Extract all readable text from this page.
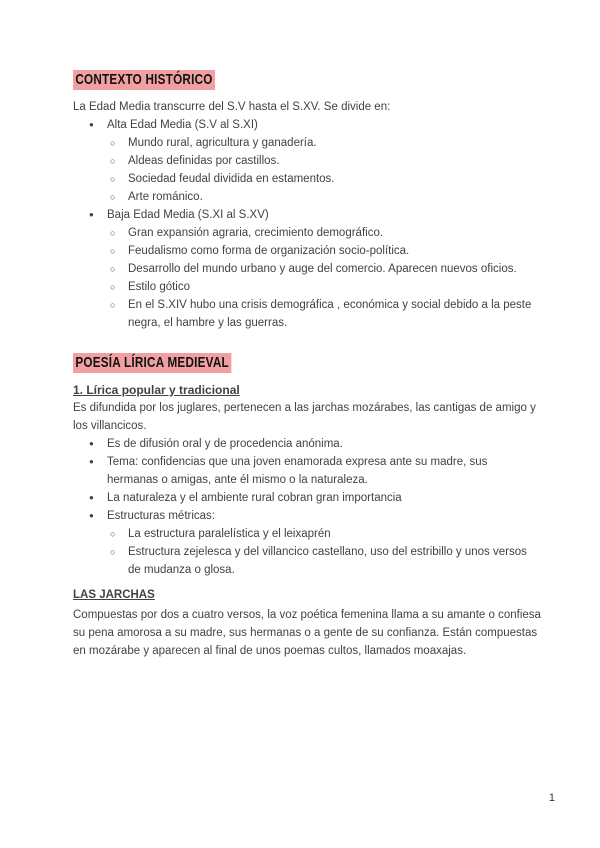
CONTEXTO HISTÓRICO

La Edad Media transcurre del S.V hasta el S.XV. Se divide en:

●	Alta Edad Media (S.V al S.XI)
○	Mundo rural, agricultura y ganadería.
○	Aldeas definidas por castillos.
○	Sociedad feudal dividida en estamentos.
○	Arte románico.
●	Baja Edad Media (S.XI al S.XV)
○	Gran expansión agraria, crecimiento demográfico.
○	Feudalismo como forma de organización socio-política.
○	Desarrollo del mundo urbano y auge del comercio. Aparecen nuevos oficios.
○	Estilo gótico
○	En el S.XIV hubo una crisis demográfica , económica y social debido a la peste negra, el hambre y las guerras.
POESÍA LÍRICA MEDIEVAL
1. Lírica popular y tradicional

Es difundida por los juglares, pertenecen a las jarchas mozárabes, las cantigas de amigo y los villancicos.

●	Es de difusión oral y de procedencia anónima.
●	Tema: confidencias que una joven enamorada expresa ante su madre, sus hermanas o amigas, ante él mismo o la naturaleza.
●	La naturaleza y el ambiente rural cobran gran importancia
●	Estructuras métricas:
○	La estructura paralelística y el leixaprén
○	Estructura zejelesca y del villancico castellano, uso del estribillo y unos versos de mudanza o glosa.
LAS JARCHAS

Compuestas por dos a cuatro versos, la voz poética femenina llama a su amante o confiesa su pena amorosa a su madre, sus hermanas o a gente de su confianza. Están compuestas en mozárabe y aparecen al final de unos poemas cultos, llamados moaxajas.

1
